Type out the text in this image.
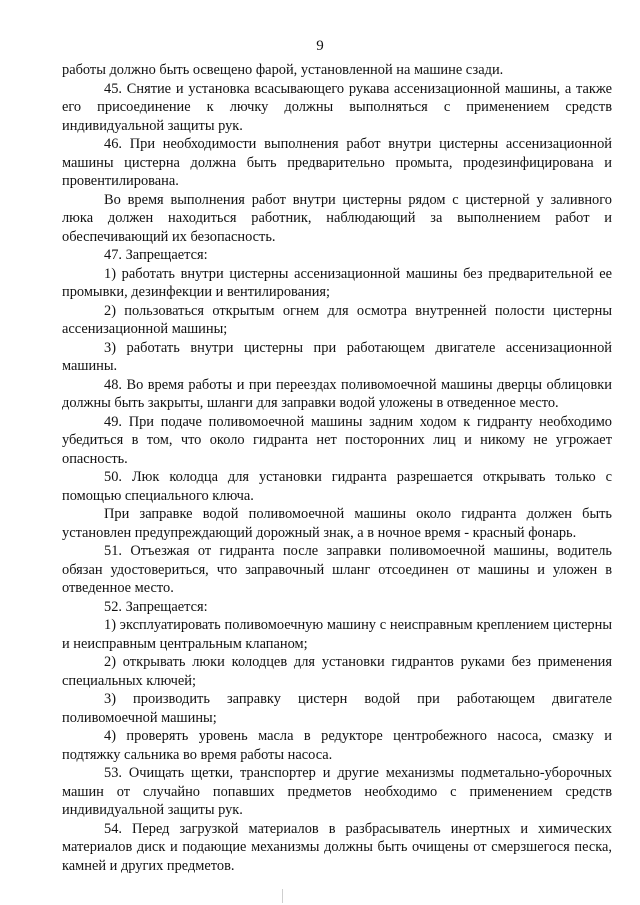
9

работы должно быть освещено фарой, установленной на машине сзади.

45. Снятие и установка всасывающего рукава ассенизационной машины, а также его присоединение к лючку должны выполняться с применением средств индивидуальной защиты рук.

46. При необходимости выполнения работ внутри цистерны ассенизационной машины цистерна должна быть предварительно промыта, продезинфицирована и провентилирована.

Во время выполнения работ внутри цистерны рядом с цистерной у заливного люка должен находиться работник, наблюдающий за выполнением работ и обеспечивающий их безопасность.

47. Запрещается:

1) работать внутри цистерны ассенизационной машины без предварительной ее промывки, дезинфекции и вентилирования;

2) пользоваться открытым огнем для осмотра внутренней полости цистерны ассенизационной машины;

3) работать внутри цистерны при работающем двигателе ассенизационной машины.

48. Во время работы и при переездах поливомоечной машины дверцы облицовки должны быть закрыты, шланги для заправки водой уложены в отведенное место.

49. При подаче поливомоечной машины задним ходом к гидранту необходимо убедиться в том, что около гидранта нет посторонних лиц и никому не угрожает опасность.

50. Люк колодца для установки гидранта разрешается открывать только с помощью специального ключа.

При заправке водой поливомоечной машины около гидранта должен быть установлен предупреждающий дорожный знак, а в ночное время - красный фонарь.

51. Отъезжая от гидранта после заправки поливомоечной машины, водитель обязан удостовериться, что заправочный шланг отсоединен от машины и уложен в отведенное место.

52. Запрещается:

1) эксплуатировать поливомоечную машину с неисправным креплением цистерны и неисправным центральным клапаном;

2) открывать люки колодцев для установки гидрантов руками без применения специальных ключей;

3) производить заправку цистерн водой при работающем двигателе поливомоечной машины;

4) проверять уровень масла в редукторе центробежного насоса, смазку и подтяжку сальника во время работы насоса.

53. Очищать щетки, транспортер и другие механизмы подметально-уборочных машин от случайно попавших предметов необходимо с применением средств индивидуальной защиты рук.

54. Перед загрузкой материалов в разбрасыватель инертных и химических материалов диск и подающие механизмы должны быть очищены от смерзшегося песка, камней и других предметов.
